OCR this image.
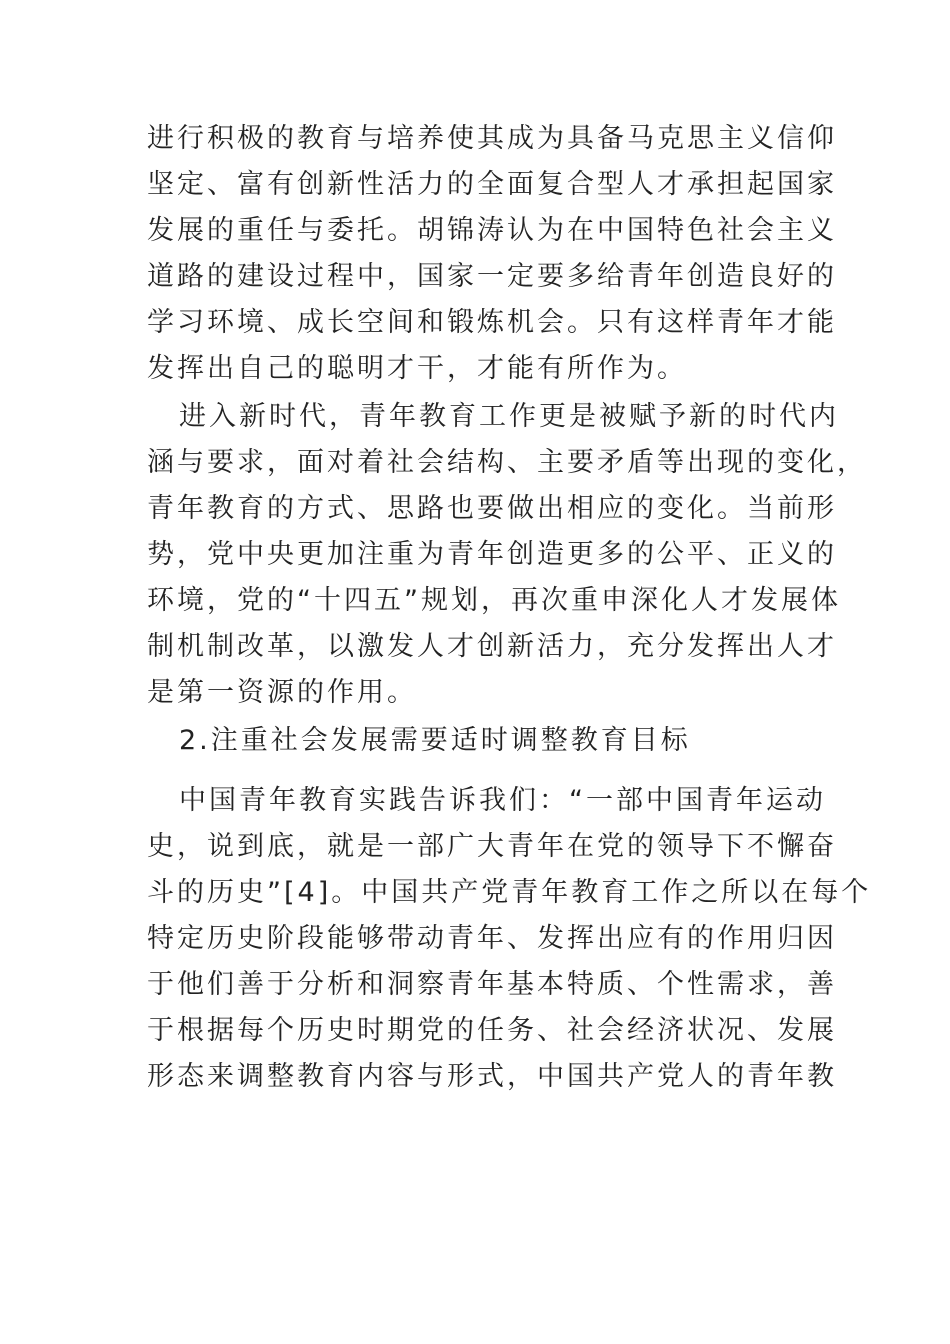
进行积极的教育与培养使其成为具备马克思主义信仰
坚定、富有创新性活力的全面复合型人才承担起国家
发展的重任与委托。胡锦涛认为在中国特色社会主义
道路的建设过程中，国家一定要多给青年创造良好的
学习环境、成长空间和锻炼机会。只有这样青年才能
发挥出自己的聪明才干，才能有所作为。
进入新时代，青年教育工作更是被赋予新的时代内
涵与要求，面对着社会结构、主要矛盾等出现的变化，
青年教育的方式、思路也要做出相应的变化。当前形
势，党中央更加注重为青年创造更多的公平、正义的
环境，党的“十四五”规划，再次重申深化人才发展体
制机制改革，以激发人才创新活力，充分发挥出人才
是第一资源的作用。
2.注重社会发展需要适时调整教育目标
中国青年教育实践告诉我们：“一部中国青年运动
史，说到底，就是一部广大青年在党的领导下不懈奋
斗的历史”[4]。中国共产党青年教育工作之所以在每个
特定历史阶段能够带动青年、发挥出应有的作用归因
于他们善于分析和洞察青年基本特质、个性需求，善
于根据每个历史时期党的任务、社会经济状况、发展
形态来调整教育内容与形式，中国共产党人的青年教
